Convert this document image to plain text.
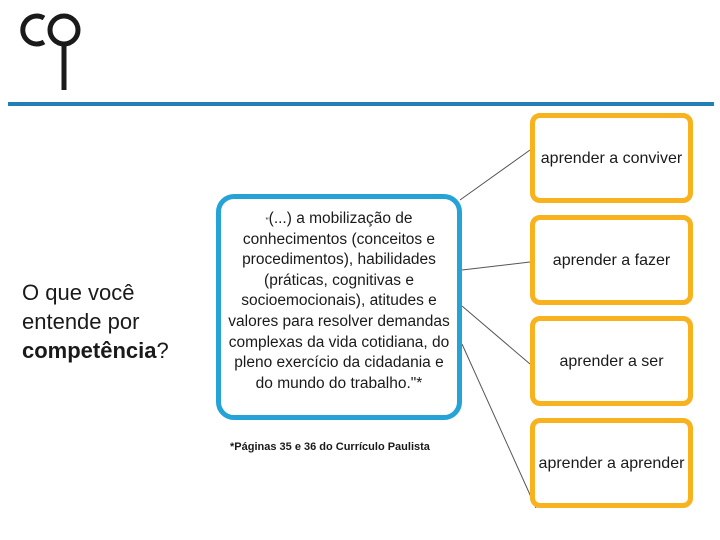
O que você entende por competência?
"(...) a mobilização de conhecimentos (conceitos e procedimentos), habilidades (práticas, cognitivas e socioemocionais), atitudes e valores para resolver demandas complexas da vida cotidiana, do pleno exercício da cidadania e do mundo do trabalho."*
*Páginas 35 e 36 do Currículo Paulista
aprender a conviver
aprender a fazer
aprender a ser
aprender a aprender
